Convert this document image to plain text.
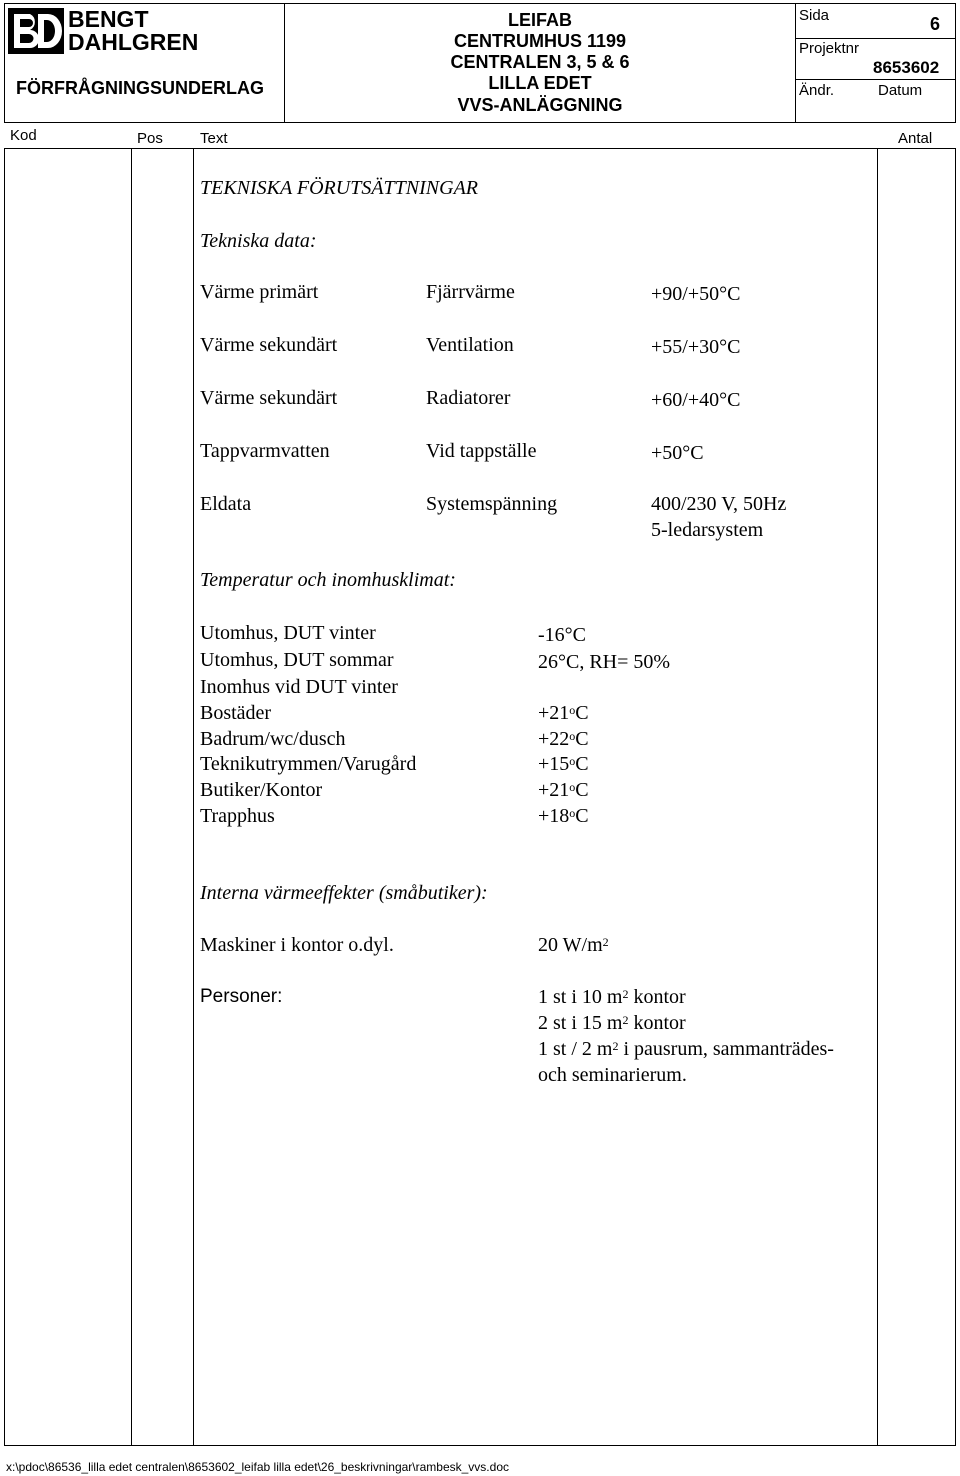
BENGT
DAHLGREN
FÖRFRÅGNINGSUNDERLAG
LEIFAB
CENTRUMHUS 1199
CENTRALEN 3, 5 & 6
LILLA EDET
VVS-ANLÄGGNING
Sida	6
Projektnr
8653602
Ändr.	Datum
Kod	Pos Text	Antal
TEKNISKA FÖRUTSÄTTNINGAR
Tekniska data:
Värme primärt	Fjärrvärme	+90/+50°C
Värme sekundärt	Ventilation	+55/+30°C
Värme sekundärt	Radiatorer	+60/+40°C
Tappvarmvatten	Vid tappställe	+50°C
Eldata	Systemspänning	400/230 V, 50Hz
5-ledarsystem
Temperatur och inomhusklimat:
Utomhus, DUT vinter	-16°C
Utomhus, DUT sommar	26°C, RH= 50%
Inomhus vid DUT vinter
Bostäder	$+21^oC$
Badrum/wc/dusch	$+22^oC$
Teknikutrymmen/Varugård	$+15^oC$
Butiker/Kontor	$+21^oC$
Trapphus	$+18^oC$
Interna värmeeffekter (småbutiker):
Maskiner i kontor o.dyl.	20 $W/m^2$
Personer:	1 st i 10 $m^2$ kontor
2 st i 15 $m^2$ kontor
1 st / 2 $m^2$ i pausrum, sammanträdes-
och seminarierum.
x:\pdoc\86536_lilla edet centralen\8653602_leifab lilla edet\26_beskrivningar\rambesk_vvs.doc
